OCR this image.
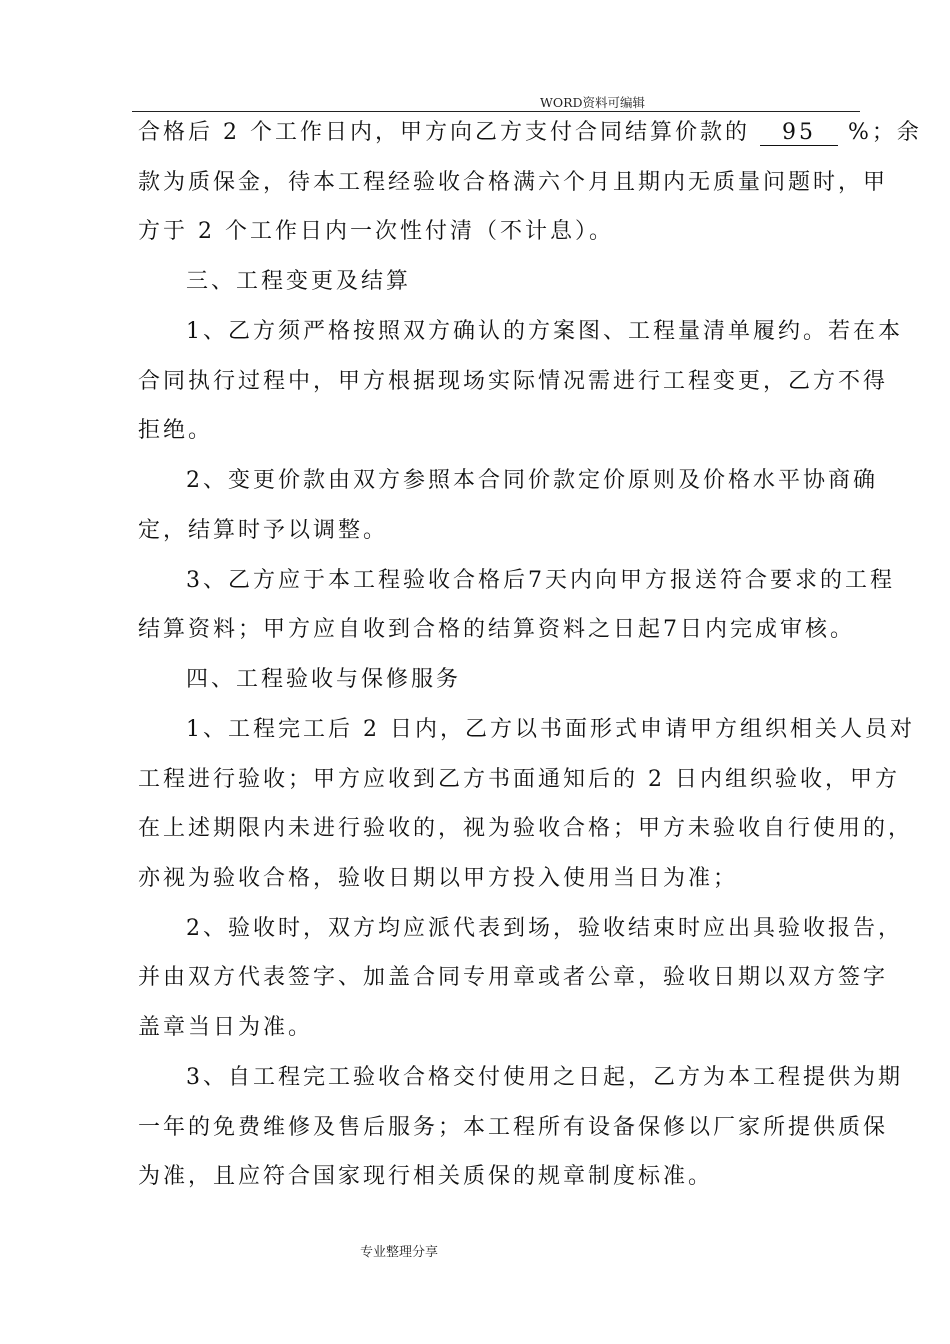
WORD资料可编辑
合格后 2 个工作日内，甲方向乙方支付合同结算价款的 95 %；余
款为质保金，待本工程经验收合格满六个月且期内无质量问题时，甲
方于 2 个工作日内一次性付清（不计息）。
三、工程变更及结算
1、乙方须严格按照双方确认的方案图、工程量清单履约。若在本
合同执行过程中，甲方根据现场实际情况需进行工程变更，乙方不得
拒绝。
2、变更价款由双方参照本合同价款定价原则及价格水平协商确
定，结算时予以调整。
3、乙方应于本工程验收合格后7天内向甲方报送符合要求的工程
结算资料；甲方应自收到合格的结算资料之日起7日内完成审核。
四、工程验收与保修服务
1、工程完工后 2 日内，乙方以书面形式申请甲方组织相关人员对
工程进行验收；甲方应收到乙方书面通知后的 2 日内组织验收，甲方
在上述期限内未进行验收的，视为验收合格；甲方未验收自行使用的，
亦视为验收合格，验收日期以甲方投入使用当日为准；
2、验收时，双方均应派代表到场，验收结束时应出具验收报告，
并由双方代表签字、加盖合同专用章或者公章，验收日期以双方签字
盖章当日为准。
3、自工程完工验收合格交付使用之日起，乙方为本工程提供为期
一年的免费维修及售后服务；本工程所有设备保修以厂家所提供质保
为准，且应符合国家现行相关质保的规章制度标准。
专业整理分享
